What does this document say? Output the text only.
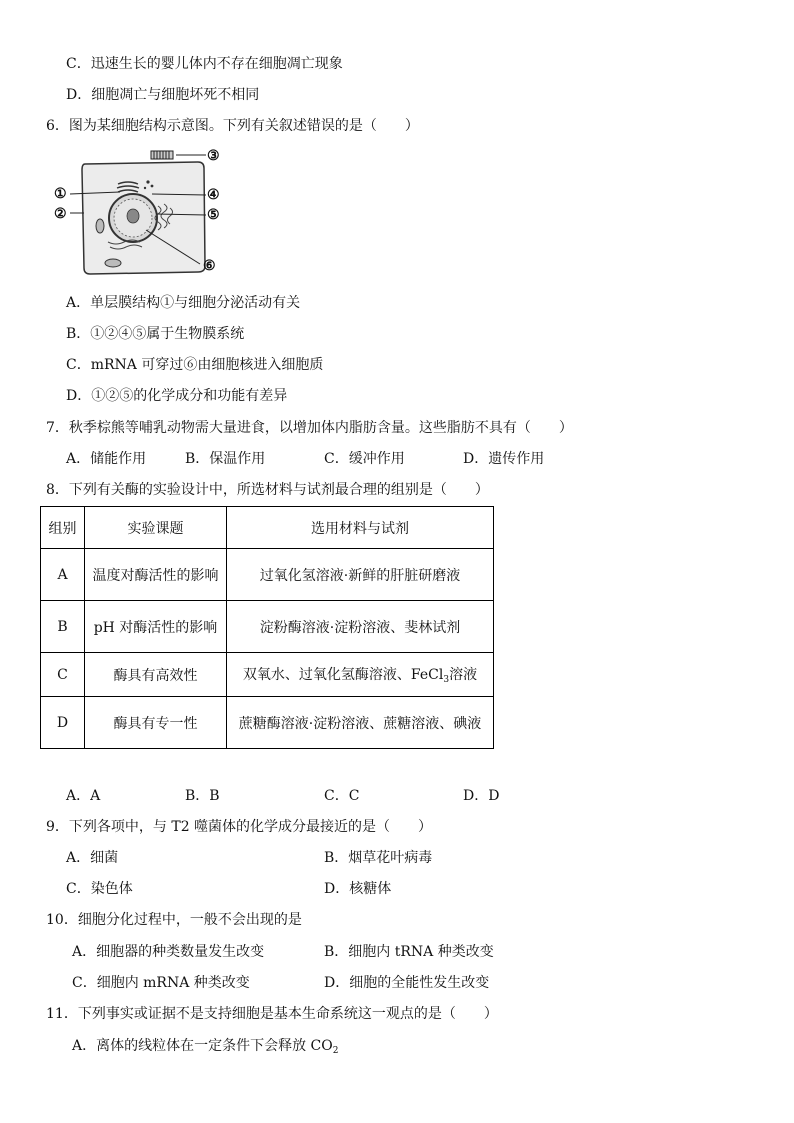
C．迅速生长的婴儿体内不存在细胞凋亡现象
D．细胞凋亡与细胞坏死不相同
6．图为某细胞结构示意图。下列有关叙述错误的是（　　）
①
②
③
④
⑤
⑥
A．单层膜结构①与细胞分泌活动有关
B．①②④⑤属于生物膜系统
C．mRNA 可穿过⑥由细胞核进入细胞质
D．①②⑤的化学成分和功能有差异
7．秋季棕熊等哺乳动物需大量进食，以增加体内脂肪含量。这些脂肪不具有（　　）
A．储能作用	B．保温作用	C．缓冲作用	D．遗传作用
8．下列有关酶的实验设计中，所选材料与试剂最合理的组别是（　　）
组别	实验课题	选用材料与试剂
A	温度对酶活性的影响	过氧化氢溶液·新鲜的肝脏研磨液
B	pH 对酶活性的影响	淀粉酶溶液·淀粉溶液、斐林试剂
C	酶具有高效性	双氧水、过氧化氢酶溶液、FeCl$_3$溶液
D	酶具有专一性	蔗糖酶溶液·淀粉溶液、蔗糖溶液、碘液
A．A	B．B	C．C	D．D
9．下列各项中，与 T2 噬菌体的化学成分最接近的是（　　）
A．细菌	B．烟草花叶病毒
C．染色体	D．核糖体
10．细胞分化过程中，一般不会出现的是
A．细胞器的种类数量发生改变	B．细胞内 tRNA 种类改变
C．细胞内 mRNA 种类改变	D．细胞的全能性发生改变
11．下列事实或证据不是支持细胞是基本生命系统这一观点的是（　　）
A．离体的线粒体在一定条件下会释放 $CO_2$
